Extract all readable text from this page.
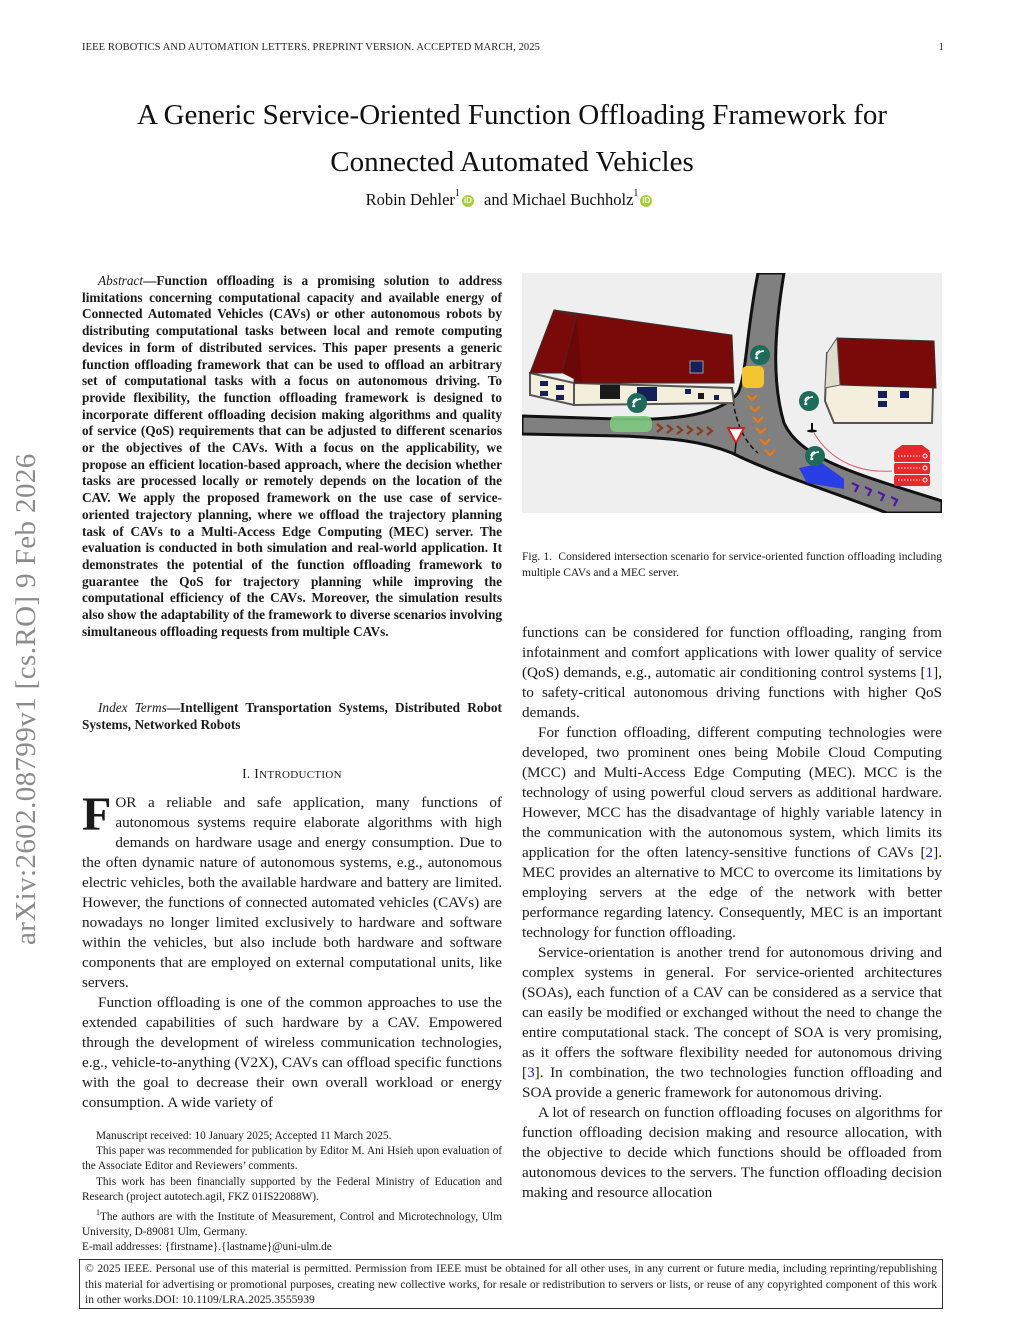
IEEE ROBOTICS AND AUTOMATION LETTERS. PREPRINT VERSION. ACCEPTED MARCH, 2025	1
A Generic Service-Oriented Function Offloading Framework for
Connected Automated Vehicles
Robin Dehler$^1$iD and Michael Buchholz$^1$iD
arXiv:2602.08799v1 [cs.RO] 9 Feb 2026
Abstract—Function offloading is a promising solution to address limitations concerning computational capacity and available energy of Connected Automated Vehicles (CAVs) or other autonomous robots by distributing computational tasks between local and remote computing devices in form of distributed services. This paper presents a generic function offloading framework that can be used to offload an arbitrary set of computational tasks with a focus on autonomous driving. To provide flexibility, the function offloading framework is designed to incorporate different offloading decision making algorithms and quality of service (QoS) requirements that can be adjusted to different scenarios or the objectives of the CAVs. With a focus on the applicability, we propose an efficient location-based approach, where the decision whether tasks are processed locally or remotely depends on the location of the CAV. We apply the proposed framework on the use case of service-oriented trajectory planning, where we offload the trajectory planning task of CAVs to a Multi-Access Edge Computing (MEC) server. The evaluation is conducted in both simulation and real-world application. It demonstrates the potential of the function offloading framework to guarantee the QoS for trajectory planning while improving the computational efficiency of the CAVs. Moreover, the simulation results also show the adaptability of the framework to diverse scenarios involving simultaneous offloading requests from multiple CAVs.
Index Terms—Intelligent Transportation Systems, Distributed Robot Systems, Networked Robots
I. INTRODUCTION

FOR a reliable and safe application, many functions of autonomous systems require elaborate algorithms with high demands on hardware usage and energy consumption. Due to the often dynamic nature of autonomous systems, e.g., autonomous electric vehicles, both the available hardware and battery are limited. However, the functions of connected automated vehicles (CAVs) are nowadays no longer limited exclusively to hardware and software within the vehicles, but also include both hardware and software components that are employed on external computational units, like servers.

Function offloading is one of the common approaches to use the extended capabilities of such hardware by a CAV. Empowered through the development of wireless communication technologies, e.g., vehicle-to-anything (V2X), CAVs can offload specific functions with the goal to decrease their own overall workload or energy consumption. A wide variety of

Manuscript received: 10 January 2025; Accepted 11 March 2025.

This paper was recommended for publication by Editor M. Ani Hsieh upon evaluation of the Associate Editor and Reviewers’ comments.

This work has been financially supported by the Federal Ministry of Education and Research (project autotech.agil, FKZ 01IS22088W).

$^1$The authors are with the Institute of Measurement, Control and Microtechnology, Ulm University, D-89081 Ulm, Germany.

E-mail addresses: {firstname}.{lastname}@uni-ulm.de

Fig. 1. Considered intersection scenario for service-oriented function offloading including multiple CAVs and a MEC server.

functions can be considered for function offloading, ranging from infotainment and comfort applications with lower quality of service (QoS) demands, e.g., automatic air conditioning control systems [1], to safety-critical autonomous driving functions with higher QoS demands.

For function offloading, different computing technologies were developed, two prominent ones being Mobile Cloud Computing (MCC) and Multi-Access Edge Computing (MEC). MCC is the technology of using powerful cloud servers as additional hardware. However, MCC has the disadvantage of highly variable latency in the communication with the autonomous system, which limits its application for the often latency-sensitive functions of CAVs [2]. MEC provides an alternative to MCC to overcome its limitations by employing servers at the edge of the network with better performance regarding latency. Consequently, MEC is an important technology for function offloading.

Service-orientation is another trend for autonomous driving and complex systems in general. For service-oriented architectures (SOAs), each function of a CAV can be considered as a service that can easily be modified or exchanged without the need to change the entire computational stack. The concept of SOA is very promising, as it offers the software flexibility needed for autonomous driving [3]. In combination, the two technologies function offloading and SOA provide a generic framework for autonomous driving.

A lot of research on function offloading focuses on algorithms for function offloading decision making and resource allocation, with the objective to decide which functions should be offloaded from autonomous devices to the servers. The function offloading decision making and resource allocation

© 2025 IEEE. Personal use of this material is permitted. Permission from IEEE must be obtained for all other uses, in any current or future media, including reprinting/republishing this material for advertising or promotional purposes, creating new collective works, for resale or redistribution to servers or lists, or reuse of any copyrighted component of this work in other works.DOI: 10.1109/LRA.2025.3555939
